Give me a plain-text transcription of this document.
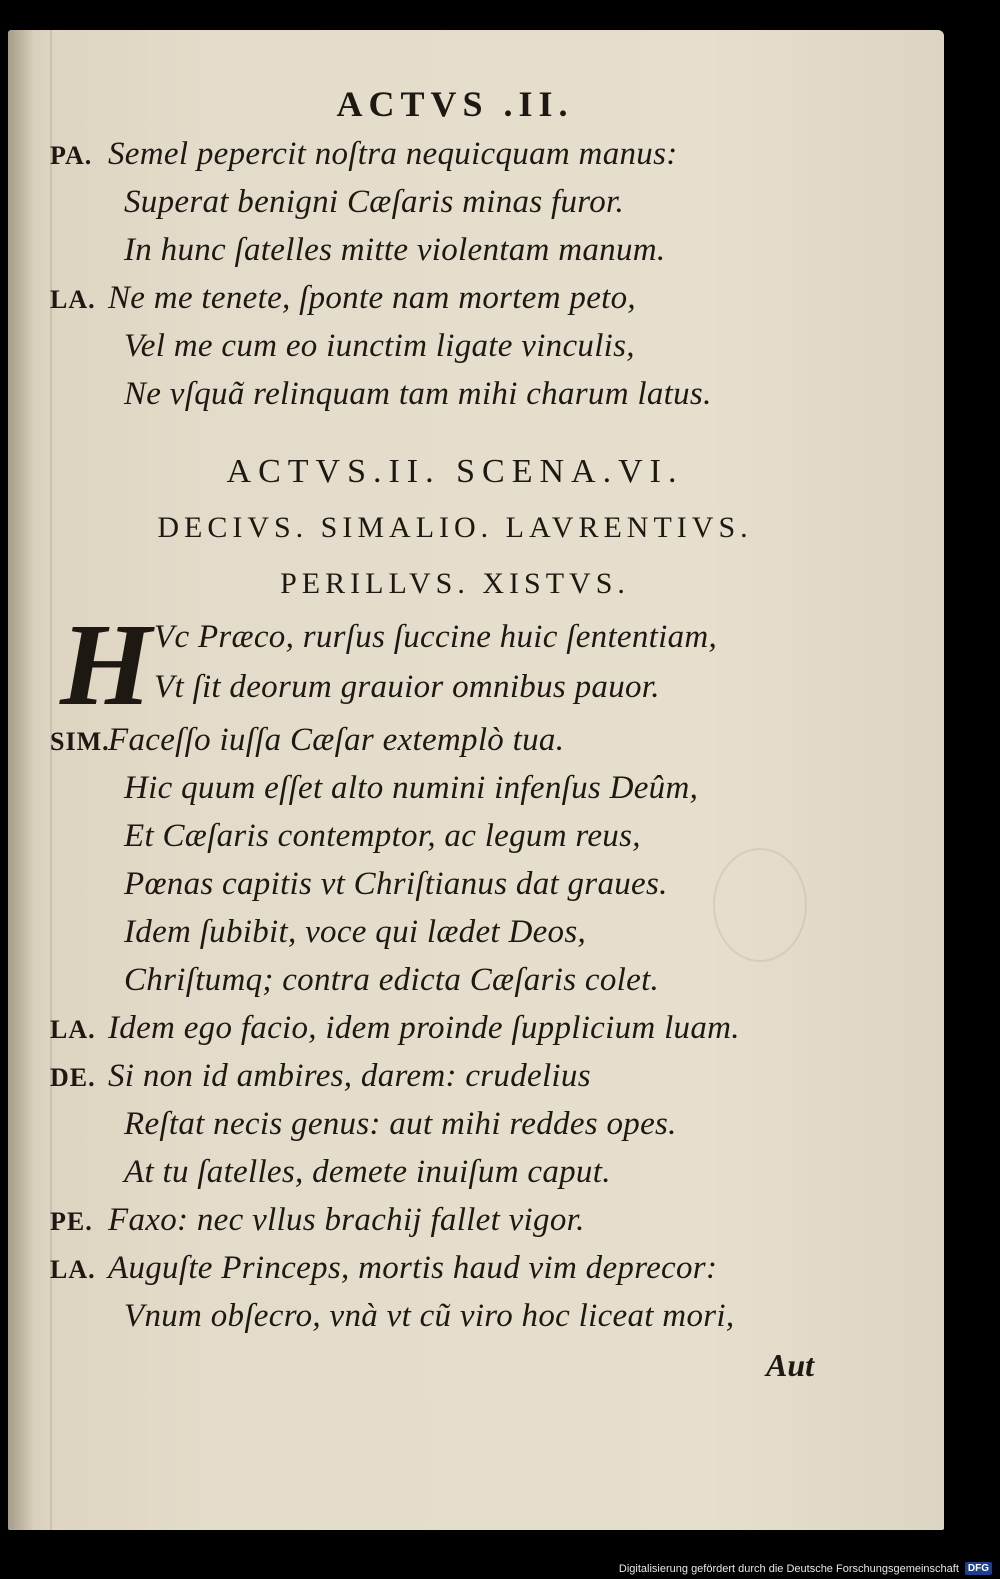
ACTVS .II.
PA. Semel pepercit noſtra nequicquam manus:
Superat benigni Cæſaris minas furor.
In hunc ſatelles mitte violentam manum.
LA. Ne me tenete, ſponte nam mortem peto,
Vel me cum eo iunctim ligate vinculis,
Ne vſquã relinquam tam mihi charum latus.
ACTVS.II. SCENA.VI.
DECIVS. SIMALIO. LAVRENTIVS.
PERILLVS. XISTVS.
H Vc Præco, rurſus ſuccine huic ſententiam,
Vt ſit deorum grauior omnibus pauor.
SIM.
Faceſſo iuſſa Cæſar extemplò tua.
Hic quum eſſet alto numini infenſus Deûm,
Et Cæſaris contemptor, ac legum reus,
Pœnas capitis vt Chriſtianus dat graues.
Idem ſubibit, voce qui lædet Deos,
Chriſtumq; contra edicta Cæſaris colet.
LA. Idem ego facio, idem proinde ſupplicium luam.
DE. Si non id ambires, darem: crudelius
Reſtat necis genus: aut mihi reddes opes.
At tu ſatelles, demete inuiſum caput.
PE. Faxo: nec vllus brachij fallet vigor.
LA. Auguſte Princeps, mortis haud vim deprecor:
Vnum obſecro, vnà vt cũ viro hoc liceat mori,
Aut
Digitalisierung gefördert durch die Deutsche Forschungsgemeinschaft DFG
